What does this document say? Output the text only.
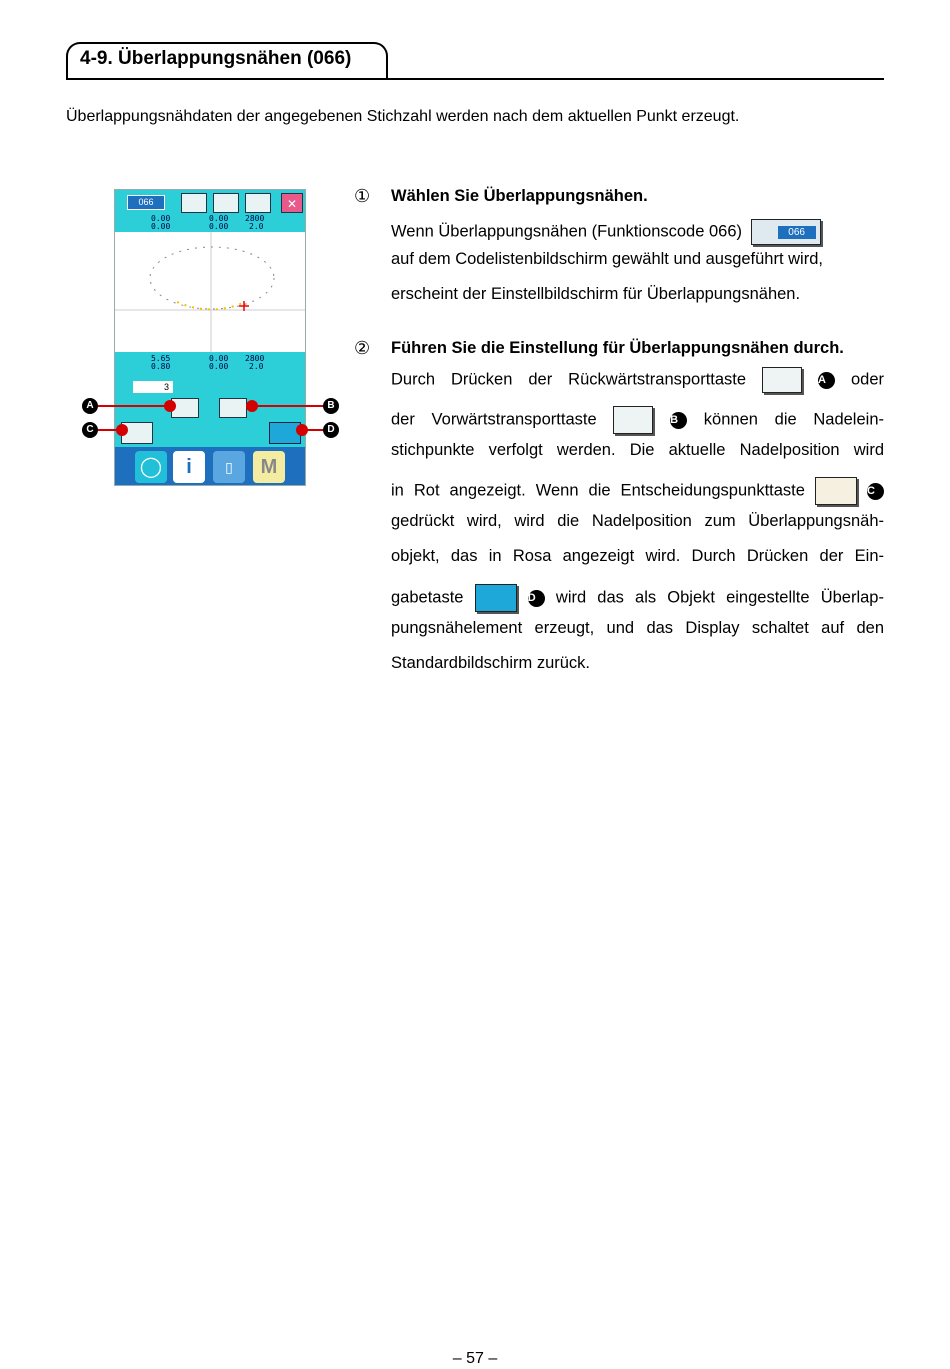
4-9. Überlappungsnähen (066)
Überlappungsnähdaten der angegebenen Stichzahl werden nach dem aktuellen Punkt erzeugt.
066	✕
0.00
0.00
0.00
0.00
2800
2.0
5.65
0.80
0.00
0.00
2800
2.0
3
◯	i	▯	M
A	B
C	D
① Wählen Sie Überlappungsnähen.
Wenn Überlappungsnähen (Funktionscode 066)	066
auf dem Codelistenbildschirm gewählt und ausgeführt wird,
erscheint der Einstellbildschirm für Überlappungsnähen.
② Führen Sie die Einstellung für Überlappungsnähen durch.
Durch Drücken der Rückwärtstransporttaste	A oder
der Vorwärtstransporttaste	B können die Nadelein-
stichpunkte verfolgt werden. Die aktuelle Nadelposition wird
in Rot angezeigt. Wenn die Entscheidungspunkttaste	C
gedrückt wird, wird die Nadelposition zum Überlappungsnäh-
objekt, das in Rosa angezeigt wird. Durch Drücken der Ein-
gabetaste	D wird das als Objekt eingestellte Überlap-
pungsnähelement erzeugt, und das Display schaltet auf den
Standardbildschirm zurück.
– 57 –
